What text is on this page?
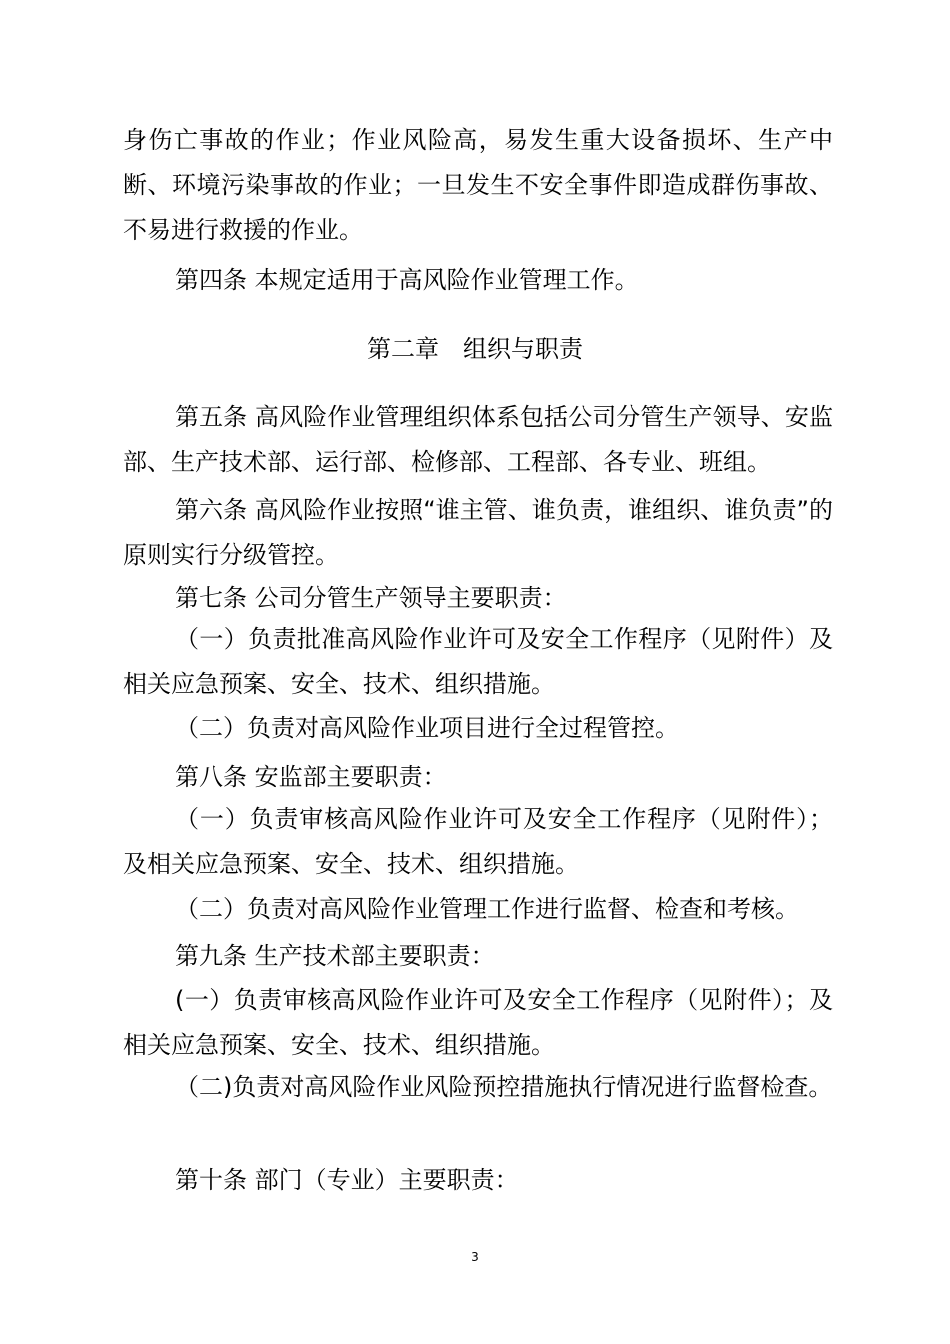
身伤亡事故的作业；作业风险高，易发生重大设备损坏、生产中断、环境污染事故的作业；一旦发生不安全事件即造成群伤事故、不易进行救援的作业。

第四条 本规定适用于高风险作业管理工作。

第二章　组织与职责

第五条 高风险作业管理组织体系包括公司分管生产领导、安监部、生产技术部、运行部、检修部、工程部、各专业、班组。

第六条 高风险作业按照“谁主管、谁负责，谁组织、谁负责”的原则实行分级管控。

第七条 公司分管生产领导主要职责：

（一）负责批准高风险作业许可及安全工作程序（见附件）及相关应急预案、安全、技术、组织措施。

（二）负责对高风险作业项目进行全过程管控。

第八条 安监部主要职责：

（一）负责审核高风险作业许可及安全工作程序（见附件）；及相关应急预案、安全、技术、组织措施。

（二）负责对高风险作业管理工作进行监督、检查和考核。

第九条 生产技术部主要职责：

(一）负责审核高风险作业许可及安全工作程序（见附件）；及相关应急预案、安全、技术、组织措施。

（二)负责对高风险作业风险预控措施执行情况进行监督检查。

第十条 部门（专业）主要职责：

3
